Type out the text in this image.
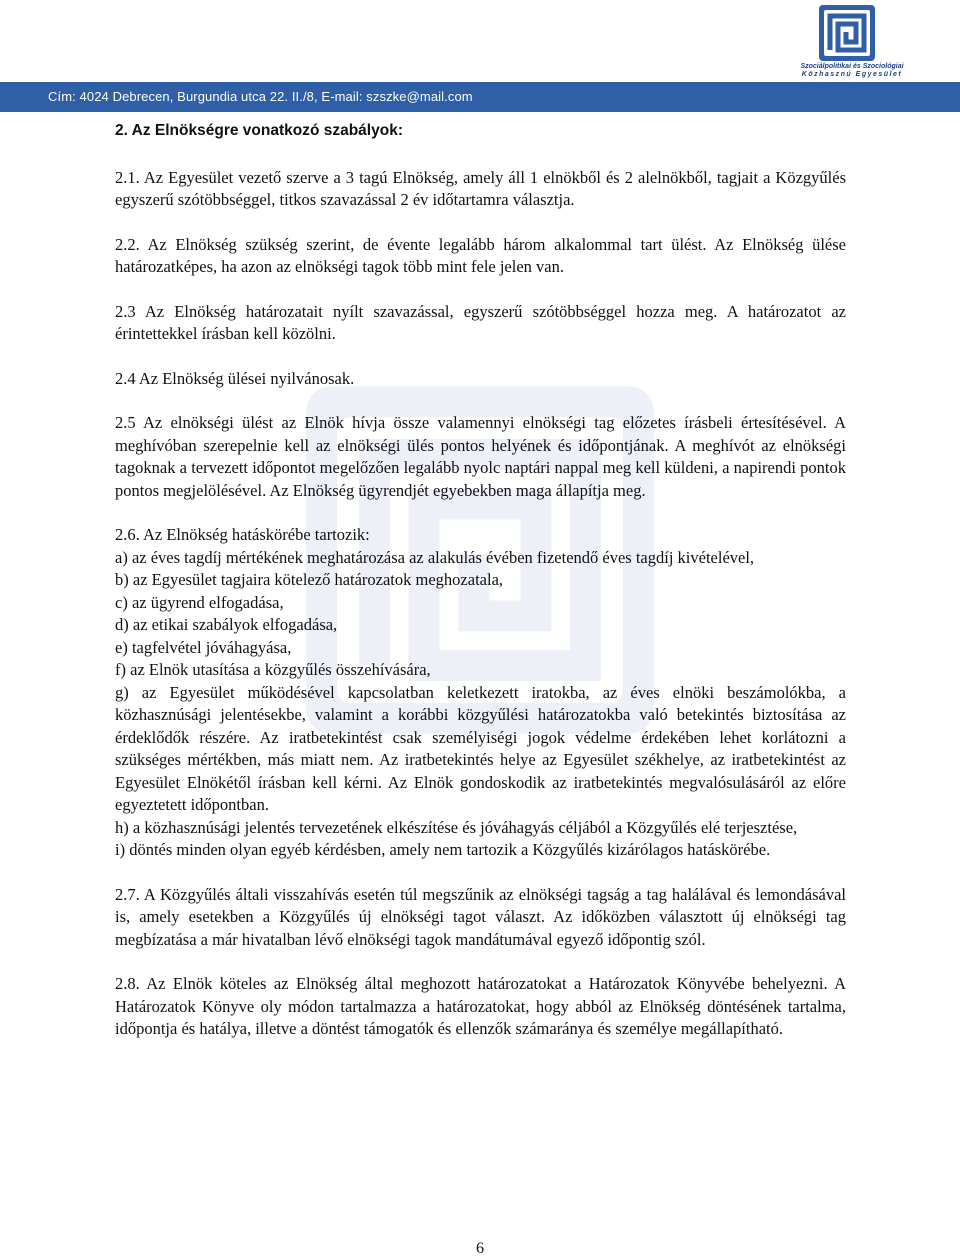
Szociálpolitikai és Szociológiai
Közhasznú Egyesület
Cím: 4024 Debrecen, Burgundia utca 22. II./8, E-mail: szszke@mail.com
2. Az Elnökségre vonatkozó szabályok:

2.1. Az Egyesület vezető szerve a 3 tagú Elnökség, amely áll 1 elnökből és 2 alelnökből, tagjait a Közgyűlés egyszerű szótöbbséggel, titkos szavazással 2 év időtartamra választja.

2.2. Az Elnökség szükség szerint, de évente legalább három alkalommal tart ülést. Az Elnökség ülése határozatképes, ha azon az elnökségi tagok több mint fele jelen van.

2.3 Az Elnökség határozatait nyílt szavazással, egyszerű szótöbbséggel hozza meg. A határozatot az érintettekkel írásban kell közölni.

2.4 Az Elnökség ülései nyilvánosak.

2.5 Az elnökségi ülést az Elnök hívja össze valamennyi elnökségi tag előzetes írásbeli értesítésével. A meghívóban szerepelnie kell az elnökségi ülés pontos helyének és időpontjának. A meghívót az elnökségi tagoknak a tervezett időpontot megelőzően legalább nyolc naptári nappal meg kell küldeni, a napirendi pontok pontos megjelölésével. Az Elnökség ügyrendjét egyebekben maga állapítja meg.

2.6. Az Elnökség hatáskörébe tartozik:

a) az éves tagdíj mértékének meghatározása az alakulás évében fizetendő éves tagdíj kivételével,

b) az Egyesület tagjaira kötelező határozatok meghozatala,

c) az ügyrend elfogadása,

d) az etikai szabályok elfogadása,

e) tagfelvétel jóváhagyása,

f) az Elnök utasítása a közgyűlés összehívására,

g) az Egyesület működésével kapcsolatban keletkezett iratokba, az éves elnöki beszámolókba, a közhasznúsági jelentésekbe, valamint a korábbi közgyűlési határozatokba való betekintés biztosítása az érdeklődők részére. Az iratbetekintést csak személyiségi jogok védelme érdekében lehet korlátozni a szükséges mértékben, más miatt nem. Az iratbetekintés helye az Egyesület székhelye, az iratbetekintést az Egyesület Elnökétől írásban kell kérni. Az Elnök gondoskodik az iratbetekintés megvalósulásáról az előre egyeztetett időpontban.

h) a közhasznúsági jelentés tervezetének elkészítése és jóváhagyás céljából a Közgyűlés elé terjesztése,

i) döntés minden olyan egyéb kérdésben, amely nem tartozik a Közgyűlés kizárólagos hatáskörébe.

2.7. A Közgyűlés általi visszahívás esetén túl megszűnik az elnökségi tagság a tag halálával és lemondásával is, amely esetekben a Közgyűlés új elnökségi tagot választ. Az időközben választott új elnökségi tag megbízatása a már hivatalban lévő elnökségi tagok mandátumával egyező időpontig szól.

2.8. Az Elnök köteles az Elnökség által meghozott határozatokat a Határozatok Könyvébe behelyezni. A Határozatok Könyve oly módon tartalmazza a határozatokat, hogy abból az Elnökség döntésének tartalma, időpontja és hatálya, illetve a döntést támogatók és ellenzők számaránya és személye megállapítható.

6
